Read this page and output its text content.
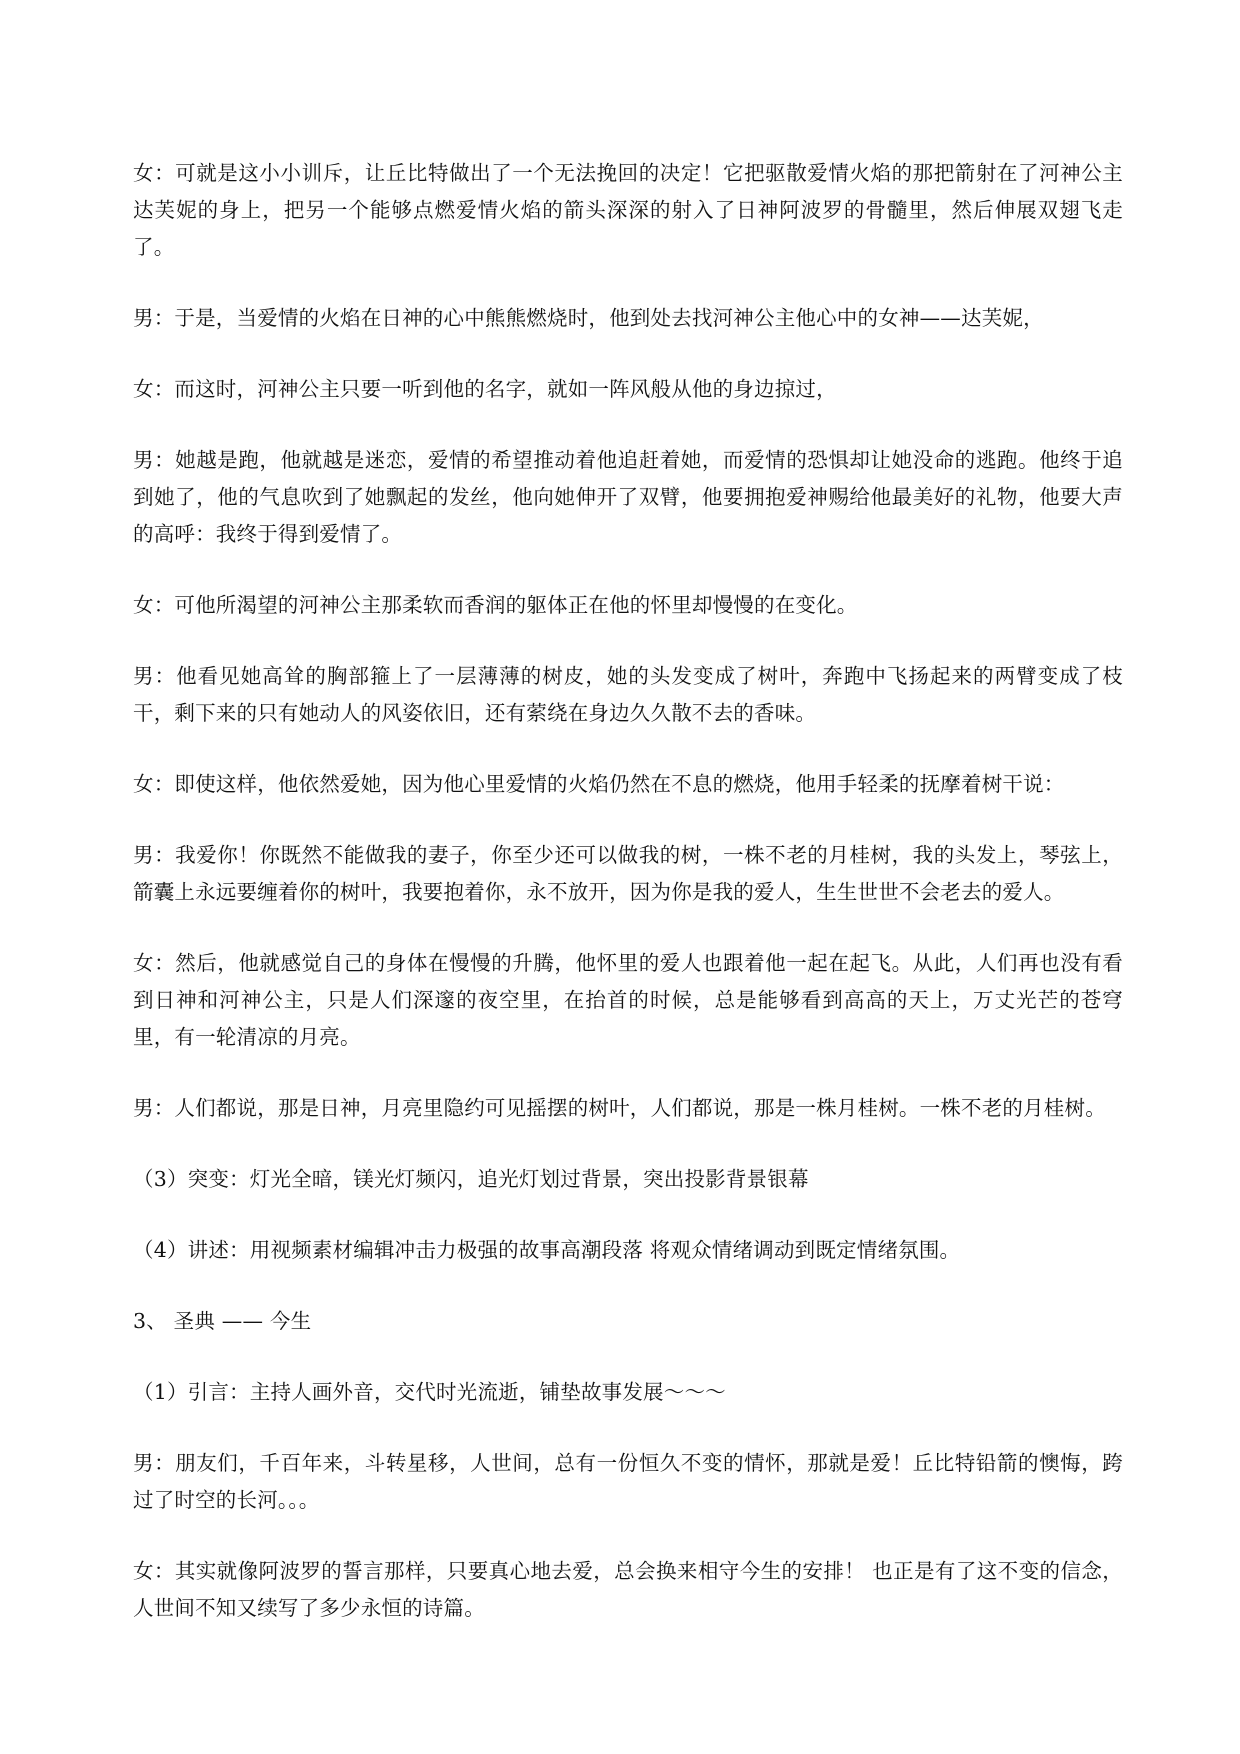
女：可就是这小小训斥，让丘比特做出了一个无法挽回的决定！它把驱散爱情火焰的那把箭射在了河神公主达芙妮的身上，把另一个能够点燃爱情火焰的箭头深深的射入了日神阿波罗的骨髓里，然后伸展双翅飞走了。

男：于是，当爱情的火焰在日神的心中熊熊燃烧时，他到处去找河神公主他心中的女神——达芙妮，

女：而这时，河神公主只要一听到他的名字，就如一阵风般从他的身边掠过，

男：她越是跑，他就越是迷恋，爱情的希望推动着他追赶着她，而爱情的恐惧却让她没命的逃跑。他终于追到她了，他的气息吹到了她飘起的发丝，他向她伸开了双臂，他要拥抱爱神赐给他最美好的礼物，他要大声的高呼：我终于得到爱情了。

女：可他所渴望的河神公主那柔软而香润的躯体正在他的怀里却慢慢的在变化。

男：他看见她高耸的胸部箍上了一层薄薄的树皮，她的头发变成了树叶，奔跑中飞扬起来的两臂变成了枝干，剩下来的只有她动人的风姿依旧，还有萦绕在身边久久散不去的香味。

女：即使这样，他依然爱她，因为他心里爱情的火焰仍然在不息的燃烧，他用手轻柔的抚摩着树干说：

男：我爱你！你既然不能做我的妻子，你至少还可以做我的树，一株不老的月桂树，我的头发上，琴弦上，箭囊上永远要缠着你的树叶，我要抱着你，永不放开，因为你是我的爱人，生生世世不会老去的爱人。

女：然后，他就感觉自己的身体在慢慢的升腾，他怀里的爱人也跟着他一起在起飞。从此，人们再也没有看到日神和河神公主，只是人们深邃的夜空里，在抬首的时候，总是能够看到高高的天上，万丈光芒的苍穹里，有一轮清凉的月亮。

男：人们都说，那是日神，月亮里隐约可见摇摆的树叶，人们都说，那是一株月桂树。一株不老的月桂树。

（3）突变：灯光全暗，镁光灯频闪，追光灯划过背景，突出投影背景银幕

（4）讲述：用视频素材编辑冲击力极强的故事高潮段落 将观众情绪调动到既定情绪氛围。

3、 圣典 —— 今生

（1）引言：主持人画外音，交代时光流逝，铺垫故事发展～～～

男：朋友们，千百年来，斗转星移，人世间，总有一份恒久不变的情怀，那就是爱！丘比特铅箭的懊悔，跨过了时空的长河。。。

女：其实就像阿波罗的誓言那样，只要真心地去爱，总会换来相守今生的安排！ 也正是有了这不变的信念，人世间不知又续写了多少永恒的诗篇。
